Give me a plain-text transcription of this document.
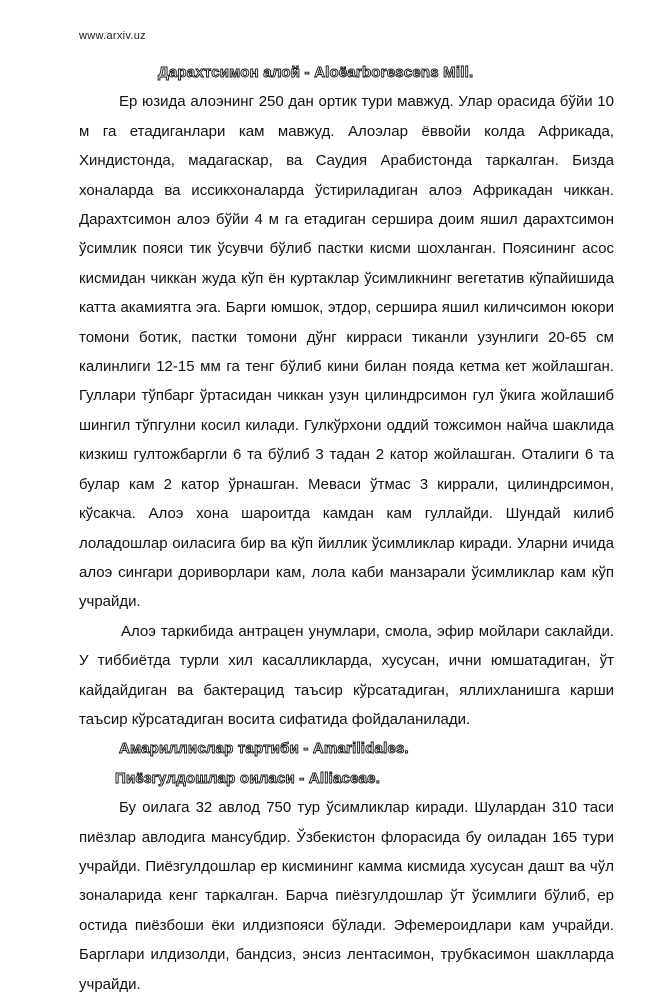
www.arxiv.uz

Дарахтсимон алой - Aloëarborescens Mill.

Ер юзида алоэнинг 250 дан ортик тури мавжуд. Улар орасида бўйи 10 м га етадиганлари кам мавжуд. Алоэлар ёввойи колда Африкада, Хиндистонда, мадагаскар, ва Саудия Арабистонда таркалган. Бизда хоналарда ва иссикхоналарда ўстириладиган алоэ Африкадан чиккан. Дарахтсимон алоэ бўйи 4 м га етадиган сершира доим яшил дарахтсимон ўсимлик пояси тик ўсувчи бўлиб пастки кисми шохланган. Поясининг асос кисмидан чиккан жуда кўп ён куртаклар ўсимликнинг вегетатив кўпайишида катта акамиятга эга. Барги юмшок, этдор, сершира яшил киличсимон юкори томони ботик, пастки томони дўнг кирраси тиканли узунлиги 20-65 см калинлиги 12-15 мм га тенг бўлиб кини билан пояда кетма кет жойлашган. Гуллари тўпбарг ўртасидан чиккан узун цилиндрсимон гул ўкига жойлашиб шингил тўпгулни косил килади. Гулкўрхони оддий тожсимон найча шаклида кизкиш гултожбаргли 6 та бўлиб 3 тадан 2 катор жойлашган. Оталиги 6 та булар кам 2 катор ўрнашган. Меваси ўтмас 3 киррали, цилиндрсимон, кўсакча. Алоэ хона шароитда камдан кам гуллайди. Шундай килиб лоладошлар оиласига бир ва кўп йиллик ўсимликлар киради. Уларни ичида алоэ сингари дориворлари кам, лола каби манзарали ўсимликлар кам кўп учрайди.

Алоэ таркибида антрацен унумлари, смола, эфир мойлари саклайди. У тиббиётда турли хил касалликларда, хусусан, ични юмшатадиган, ўт кайдайдиган ва бактерацид таъсир кўрсатадиган, яллихланишга карши таъсир кўрсатадиган восита сифатида фойдаланилади.

Амариллислар тартиби - Amarilidales.

Пиёзгулдошлар оиласи - Alliaceae.

Бу оилага 32 авлод 750 тур ўсимликлар киради. Шулардан 310 таси пиёзлар авлодига мансубдир. Ўзбекистон флорасида бу оиладан 165 тури учрайди. Пиёзгулдошлар ер кисмининг камма кисмида хусусан дашт ва чўл зоналарида кенг таркалган. Барча пиёзгулдошлар ўт ўсимлиги бўлиб, ер остида пиёзбоши ёки илдизпояси бўлади. Эфемероидлари кам учрайди. Барглари илдизолди, бандсиз, энсиз лентасимон, трубкасимон шаклларда учрайди.
